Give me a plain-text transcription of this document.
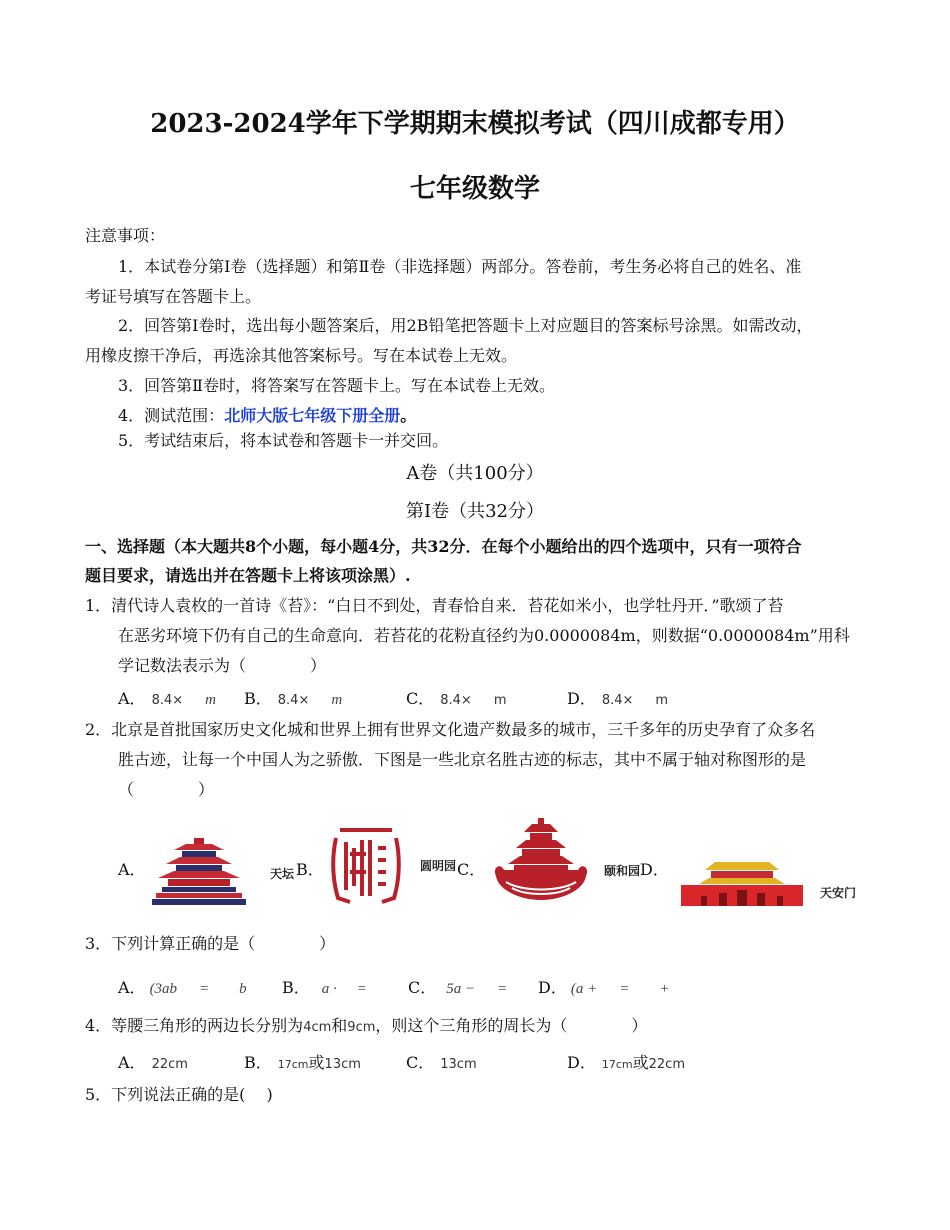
2023-2024学年下学期期末模拟考试（四川成都专用）
七年级数学
注意事项：
1．本试卷分第Ⅰ卷（选择题）和第Ⅱ卷（非选择题）两部分。答卷前，考生务必将自己的姓名、准
考证号填写在答题卡上。
2．回答第Ⅰ卷时，选出每小题答案后，用2B铅笔把答题卡上对应题目的答案标号涂黑。如需改动，
用橡皮擦干净后，再选涂其他答案标号。写在本试卷上无效。
3．回答第Ⅱ卷时，将答案写在答题卡上。写在本试卷上无效。
4．测试范围：北师大版七年级下册全册。
5．考试结束后，将本试卷和答题卡一并交回。
A卷（共100分）
第Ⅰ卷（共32分）
一、选择题（本大题共8个小题，每小题4分，共32分．在每个小题给出的四个选项中，只有一项符合
题目要求，请选出并在答题卡上将该项涂黑）.
1．清代诗人袁枚的一首诗《苔》：“白日不到处，青春恰自来．苔花如米小，也学牡丹开．”歌颂了苔
在恶劣环境下仍有自己的生命意向．若苔花的花粉直径约为0.0000084m，则数据“0.0000084m”用科
学记数法表示为（　　　　）
A． 8.4× m B． 8.4× m	C． 8.4× m	D． 8.4× m
2．北京是首批国家历史文化城和世界上拥有世界文化遗产数最多的城市，三千多年的历史孕育了众多名
胜古迹，让每一个中国人为之骄傲．下图是一些北京名胜古迹的标志，其中不属于轴对称图形的是
（　　　　）
A．	天坛 B．	圆明园 C．	颐和园 D．
天安门
3．下列计算正确的是（　　　　）
A． (3ab =　　b B． a · =	C． 5a − = D． (a + =　　+
4．等腰三角形的两边长分别为4cm和9cm，则这个三角形的周长为（　　　　）
A． 22cm	B． 17cm或13cm	C． 13cm	D． 17cm或22cm
5．下列说法正确的是(　 )
